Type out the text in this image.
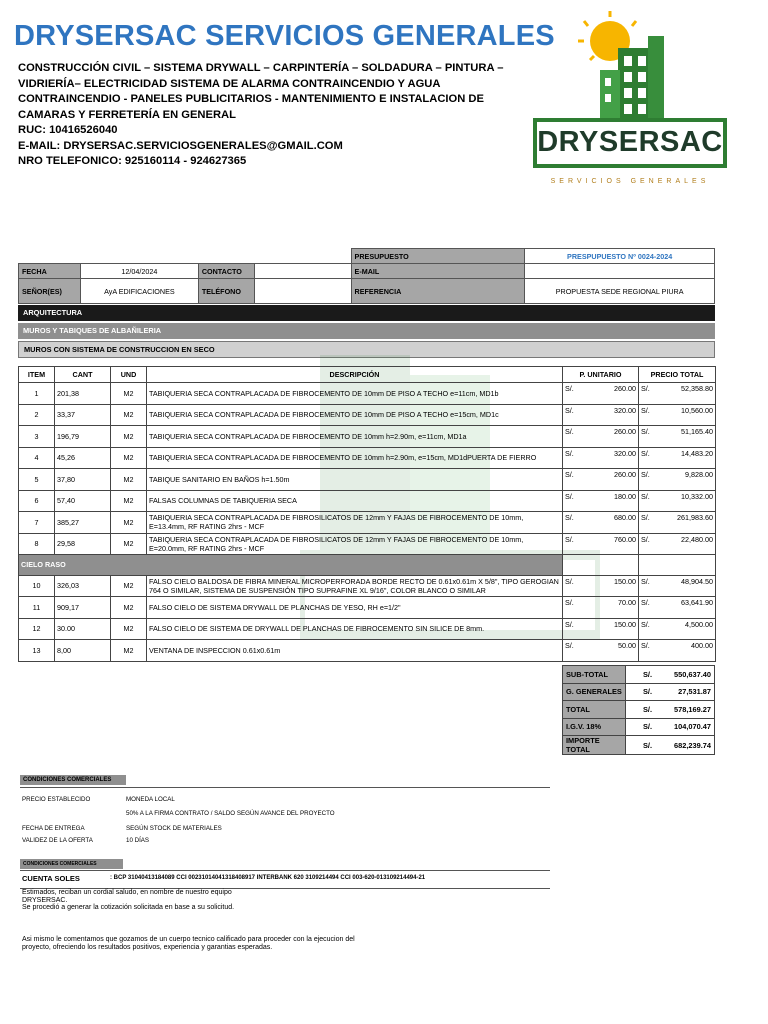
DRYSERSAC SERVICIOS GENERALES
CONSTRUCCIÓN CIVIL – SISTEMA DRYWALL – CARPINTERÍA – SOLDADURA – PINTURA – VIDRIERÍA– ELECTRICIDAD SISTEMA DE ALARMA CONTRAINCENDIO Y AGUA CONTRAINCENDIO - PANELES PUBLICITARIOS - MANTENIMIENTO E INSTALACION DE CAMARAS Y FERRETERÍA EN GENERAL
RUC: 10416526040
E-MAIL: DRYSERSAC.SERVICIOSGENERALES@GMAIL.COM
NRO TELEFONICO: 925160114 - 924627365
DRYSERSAC
SERVICIOS GENERALES
				PRESUPUESTO	PRESPUPUESTO Nº 0024-2024
FECHA	12/04/2024	CONTACTO		E-MAIL	
SEÑOR(ES)	AyA EDIFICACIONES	TELÉFONO		REFERENCIA	PROPUESTA SEDE REGIONAL PIURA
ARQUITECTURA
MUROS Y TABIQUES DE ALBAÑILERIA
MUROS CON SISTEMA DE CONSTRUCCION EN SECO
ITEM	CANT	UND	DESCRIPCIÓN	P. UNITARIO	PRECIO TOTAL
1	201,38	M2	TABIQUERIA SECA CONTRAPLACADA DE FIBROCEMENTO DE 10mm DE PISO A TECHO e=11cm, MD1b	S/. 260.00	S/. 52,358.80

2	33,37	M2	TABIQUERIA SECA CONTRAPLACADA DE FIBROCEMENTO DE 10mm DE PISO A TECHO e=15cm, MD1c	S/. 320.00	S/. 10,560.00

3	196,79	M2	TABIQUERIA SECA CONTRAPLACADA DE FIBROCEMENTO DE 10mm h=2.90m, e=11cm, MD1a	S/. 260.00	S/. 51,165.40

4	45,26	M2	TABIQUERIA SECA CONTRAPLACADA DE FIBROCEMENTO DE 10mm h=2.90m, e=15cm, MD1dPUERTA DE FIERRO	S/. 320.00	S/. 14,483.20

5	37,80	M2	TABIQUE SANITARIO EN BAÑOS h=1.50m	S/. 260.00	S/. 9,828.00

6	57,40	M2	FALSAS COLUMNAS DE TABIQUERIA SECA	S/. 180.00	S/. 10,332.00

7	385,27	M2	TABIQUERIA SECA CONTRAPLACADA DE FIBROSILICATOS DE 12mm Y FAJAS DE FIBROCEMENTO DE 10mm, E=13.4mm, RF RATING 2hrs - MCF	S/. 680.00	S/. 261,983.60

8	29,58	M2	TABIQUERIA SECA CONTRAPLACADA DE FIBROSILICATOS DE 12mm Y FAJAS DE FIBROCEMENTO DE 10mm, E=20.0mm, RF RATING 2hrs - MCF	S/. 760.00	S/. 22,480.00

CIELO RASO					
10	326,03	M2	FALSO CIELO BALDOSA DE FIBRA MINERAL MICROPERFORADA BORDE RECTO DE 0.61x0.61m X 5/8", TIPO GEROGIAN 764 O SIMILAR, SISTEMA DE SUSPENSIÓN TIPO SUPRAFINE XL 9/16", COLOR BLANCO O SIMILAR	S/. 150.00	S/. 48,904.50

11	909,17	M2	FALSO CIELO DE SISTEMA DRYWALL DE PLANCHAS DE YESO, RH e=1/2"	S/. 70.00	S/. 63,641.90

12	30.00	M2	FALSO CIELO DE SISTEMA DE DRYWALL DE PLANCHAS DE FIBROCEMENTO SIN SILICE DE 8mm.	S/. 150.00	S/. 4,500.00

13	8,00	M2	VENTANA DE INSPECCION 0.61x0.61m	S/. 50.00	S/. 400.00
SUB-TOTAL	S/. 550,637.40

G. GENERALES	S/. 27,531.87

TOTAL	S/. 578,169.27

I.G.V. 18%	S/. 104,070.47

IMPORTE TOTAL	S/. 682,239.74
CONDICIONES COMERCIALES
PRECIO ESTABLECIDO	MONEDA LOCAL
50% A LA FIRMA CONTRATO / SALDO SEGÚN AVANCE DEL PROYECTO
FECHA DE ENTREGA	SEGÚN STOCK DE MATERIALES
VALIDEZ DE LA OFERTA	10 DÍAS
CONDICIONES COMERCIALES
CUENTA SOLES	: BCP 31040413184089 CCI 00231014041318408917 INTERBANK 620 3109214494 CCI 003-620-013109214494-21
Estimados, reciban un cordial saludo, en nombre de nuestro equipo DRYSERSAC.
Se procedió a generar la cotización solicitada en base a su solicitud.
Asi mismo le comentamos que gozamos de un cuerpo tecnico calificado para proceder con la ejecucion del proyecto, ofreciendo los resultados positivos, experiencia y garantias esperadas.
